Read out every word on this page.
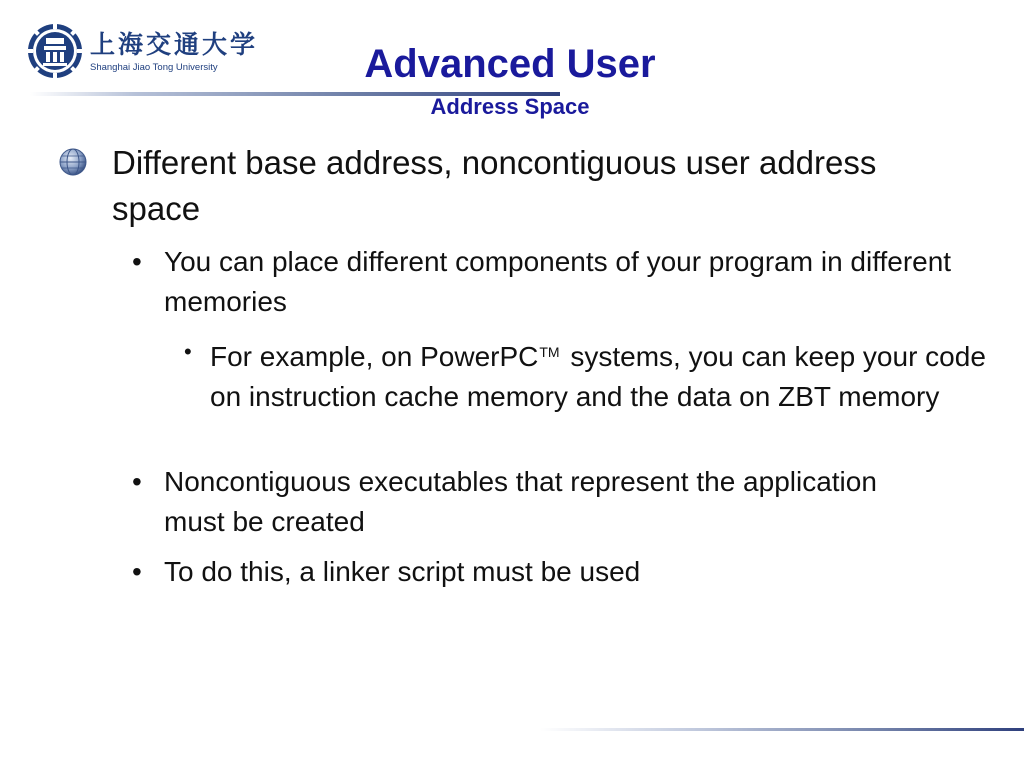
上海交通大学
Shanghai Jiao Tong University	Advanced User
Address Space
Different base address, noncontiguous user address space
• You can place different components of your program in different memories
• For example, on PowerPC™ systems, you can keep your code on instruction cache memory and the data on ZBT memory
• Noncontiguous executables that represent the application must be created
• To do this, a linker script must be used
